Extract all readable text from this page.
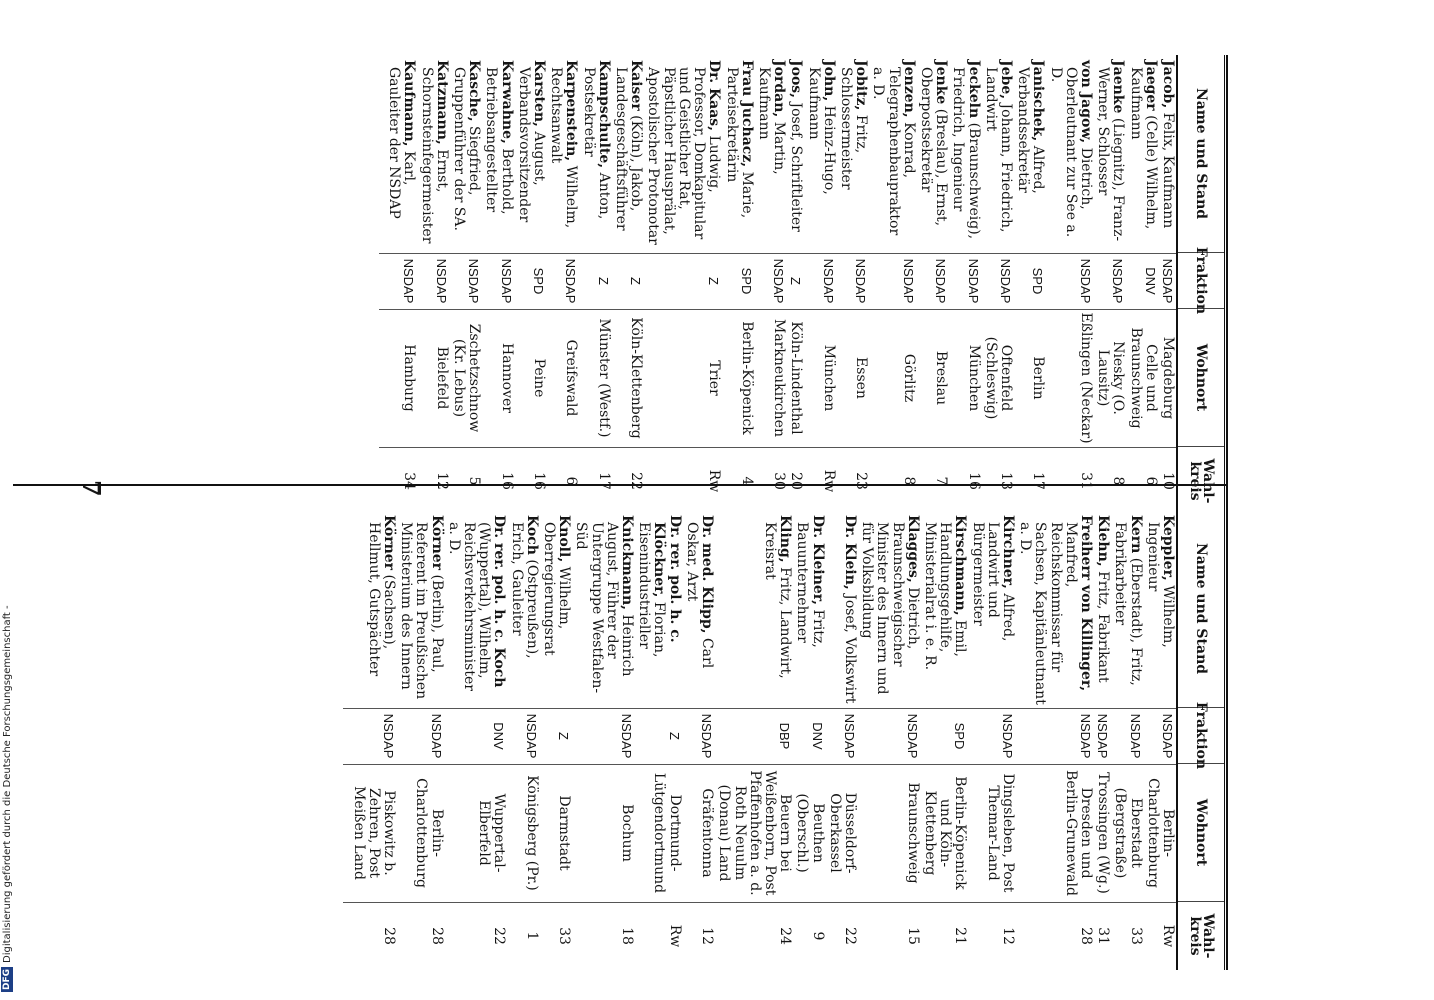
7
Name und Stand
Fraktion
Wohnort
Wahl-
kreis
Jacob, Felix, Kaufmann
NSDAP
Magdeburg
10
Jaeger (Celle) Wilhelm, Kaufmann
DNV
Celle und Braunschweig
6
Jaenke (Liegnitz), Franz-Werner, Schlosser
NSDAP
Niesky (O. Lausitz)
8
von Jagow, Dietrich, Oberleutnant zur See a. D.
NSDAP
Eßlingen (Neckar)
31
Janischek, Alfred, Verbandssekretär
SPD
Berlin
17
Jebe, Johann, Friedrich, Landwirt
NSDAP
Oftenfeld (Schleswig)
13
Jeckeln (Braunschweig), Friedrich, Ingenieur
NSDAP
München
16
Jenke (Breslau), Ernst, Oberpostsekretär
NSDAP
Breslau
7
Jenzen, Konrad, Telegraphenbaupraktor a. D.
NSDAP
Görlitz
8
Jobitz, Fritz, Schlossermeister
NSDAP
Essen
23
John, Heinz-Hugo, Kaufmann
NSDAP
München
Rw
Joos, Josef, Schriftleiter
Z
Köln-Lindenthal
20
Jordan, Martin, Kaufmann
NSDAP
Markneukirchen
30
Frau Juchacz, Marie, Parteisekretärin
SPD
Berlin-Köpenick
4
Dr. Kaas, Ludwig, Professor, Domkapitular und Geistlicher Rat, Päpstlicher Hausprälat, Apostolischer Protonotar
Z
Trier
Rw
Kaiser (Köln), Jakob, Landesgeschäftsführer
Z
Köln-Klettenberg
22
Kampschulte, Anton, Postsekretär
Z
Münster (Westf.)
17
Karpenstein, Wilhelm, Rechtsanwalt
NSDAP
Greifswald
6
Karsten, August, Verbandsvorsitzender
SPD
Peine
16
Karwahne, Berthold, Betriebsangestellter
NSDAP
Hannover
16
Kasche, Siegfried, Gruppenführer der SA.
NSDAP
Zschetzschnow (Kr. Lebus)
5
Katzmann, Ernst, Schornsteinfegermeister
NSDAP
Bielefeld
12
Kaufmann, Karl, Gauleiter der NSDAP
NSDAP
Hamburg
34
Name und Stand
Fraktion
Wohnort
Wahl-
kreis
Keppler, Wilhelm, Ingenieur
NSDAP
Berlin-Charlottenburg
Rw
Kern (Eberstadt), Fritz, Fabrikarbeiter
NSDAP
Eberstadt (Bergstraße)
33
Kiehn, Fritz, Fabrikant
NSDAP
Trossingen (Wg.)
31
Freiherr von Killinger, Manfred, Reichskommissar für Sachsen, Kapitänleutnant a. D.
NSDAP
Dresden und Berlin-Grunewald
28
Kirchner, Alfred, Landwirt und Bürgermeister
NSDAP
Dingsleben, Post Themar-Land
12
Kirschmann, Emil, Handlungsgehilfe, Ministerialrat i. e. R.
SPD
Berlin-Köpenick und Köln-Klettenberg
21
Klagges, Dietrich, Braunschweigischer Minister des Innern und für Volksbildung
NSDAP
Braunschweig
15
Dr. Klein, Josef, Volkswirt
NSDAP
Düsseldorf-Oberkassel
22
Dr. Kleiner, Fritz, Bauunternehmer
DNV
Beuthen (Oberschl.)
9
Kling, Fritz, Landwirt, Kreisrat
DBP
Beuern bei Weißenborn, Post Pfaffenhofen a. d. Roth Neuulm (Donau) Land
24
Dr. med. Klipp, Carl Oskar, Arzt
NSDAP
Gräfentonna
12
Dr. rer. pol. h. c. Klöckner, Florian, Eisenindustrieller
Z
Dortmund-Lütgendortmund
Rw
Knickmann, Heinrich August, Führer der Untergruppe Westfalen-Süd
NSDAP
Bochum
18
Knoll, Wilhelm, Oberregierungsrat
Z
Darmstadt
33
Koch (Ostpreußen), Erich, Gauleiter
NSDAP
Königsberg (Pr.)
1
Dr. rer. pol. h. c. Koch (Wuppertal), Wilhelm, Reichsverkehrsminister a. D.
DNV
Wuppertal-Elberfeld
22
Körner (Berlin), Paul, Referent im Preußischen Ministerium des Innern
NSDAP
Berlin-Charlottenburg
28
Körner (Sachsen), Hellmut, Gutspächter
NSDAP
Piskowitz b. Zehren, Post Meißen Land
28
DFGDigitalisierung gefördert durch die Deutsche Forschungsgemeinschaft -
